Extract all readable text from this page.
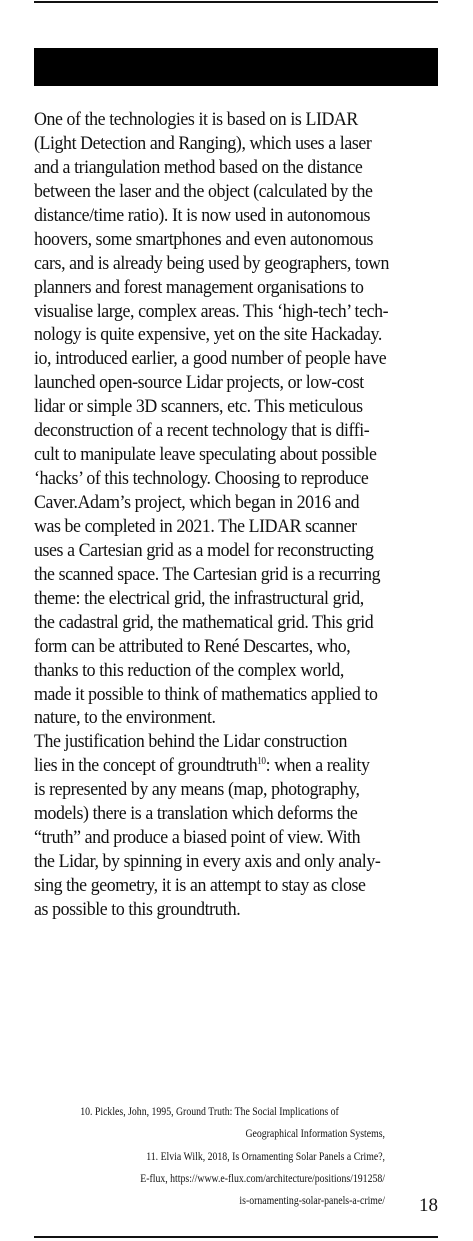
One of the technologies it is based on is LIDAR
(Light Detection and Ranging), which uses a laser
and a triangulation method based on the distance
between the laser and the object (calculated by the
distance/time ratio). It is now used in autonomous
hoovers, some smartphones and even autonomous
cars, and is already being used by geographers, town
planners and forest management organisations to
visualise large, complex areas. This ‘high-tech’ tech-
nology is quite expensive, yet on the site Hackaday.
io, introduced earlier, a good number of people have
launched open-source Lidar projects, or low-cost
lidar or simple 3D scanners, etc. This meticulous
deconstruction of a recent technology that is diffi-
cult to manipulate leave speculating about possible
‘hacks’ of this technology. Choosing to reproduce
Caver.Adam’s project, which began in 2016 and
was be completed in 2021. The LIDAR scanner
uses a Cartesian grid as a model for reconstructing
the scanned space. The Cartesian grid is a recurring
theme: the electrical grid, the infrastructural grid,
the cadastral grid, the mathematical grid. This grid
form can be attributed to René Descartes, who,
thanks to this reduction of the complex world,
made it possible to think of mathematics applied to
nature, to the environment.
The justification behind the Lidar construction
lies in the concept of groundtruth$^{10}$: when a reality
is represented by any means (map, photography,
models) there is a translation which deforms the
“truth” and produce a biased point of view. With
the Lidar, by spinning in every axis and only analy-
sing the geometry, it is an attempt to stay as close
as possible to this groundtruth.
10. Pickles, John, 1995, Ground Truth: The Social Implications of
Geographical Information Systems,
11. Elvia Wilk, 2018, Is Ornamenting Solar Panels a Crime?,
E-flux, https://www.e-flux.com/architecture/positions/191258/
is-ornamenting-solar-panels-a-crime/	18
